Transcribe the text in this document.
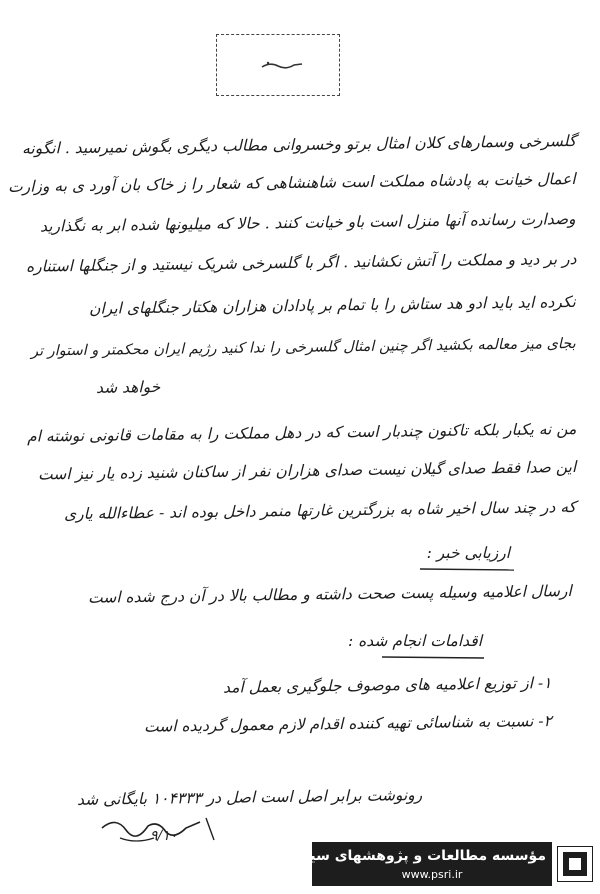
گلسرخی وسمارهای کلان امثال برتو وخسروانی مطالب دیگری بگوش نمیرسید . انگونه
اعمال خیانت به پادشاه مملکت است شاهنشاهی که شعار را ز خاک بان آورد ی به وزارت
وصدارت رسانده آنها منزل است باو خیانت کنند . حالا که میلیونها شده ابر به نگذارید
در بر دید و مملکت را آتش نکشانید . اگر با گلسرخی شریک نیستید و از جنگلها استناره
نکرده اید باید ادو هد ستاش را با تمام بر پادادان هزاران هکتار جنگلهای ایران
بجای میز معالمه بکشید اگر چنین امثال گلسرخی را ندا کنید رژیم ایران محکمتر و استوار تر
خواهد شد
من نه یکبار بلکه تاکنون چندبار است که در دهل مملکت را به مقامات قانونی نوشته ام
این صدا فقط صدای گیلان نیست صدای هزاران نفر از ساکنان شنید زده یار نیز است
که در چند سال اخیر شاه به بزرگترین غارتها منمر داخل بوده اند - عطاءالله یاری
ارزیابی خبر :
ارسال اعلامیه وسیله پست صحت داشته و مطالب بالا در آن درج شده است
اقدامات انجام شده :
۱- از توزیع اعلامیه های موصوف جلوگیری بعمل آمد
۲- نسبت به شناسائی تهیه کننده اقدام لازم معمول گردیده است
رونوشت برابر اصل است اصل در ۱۰۴۳۳۳ بایگانی شد
۹/۱۰
مؤسسه مطالعات و پژوهشهای سیاسی
www.psri.ir
